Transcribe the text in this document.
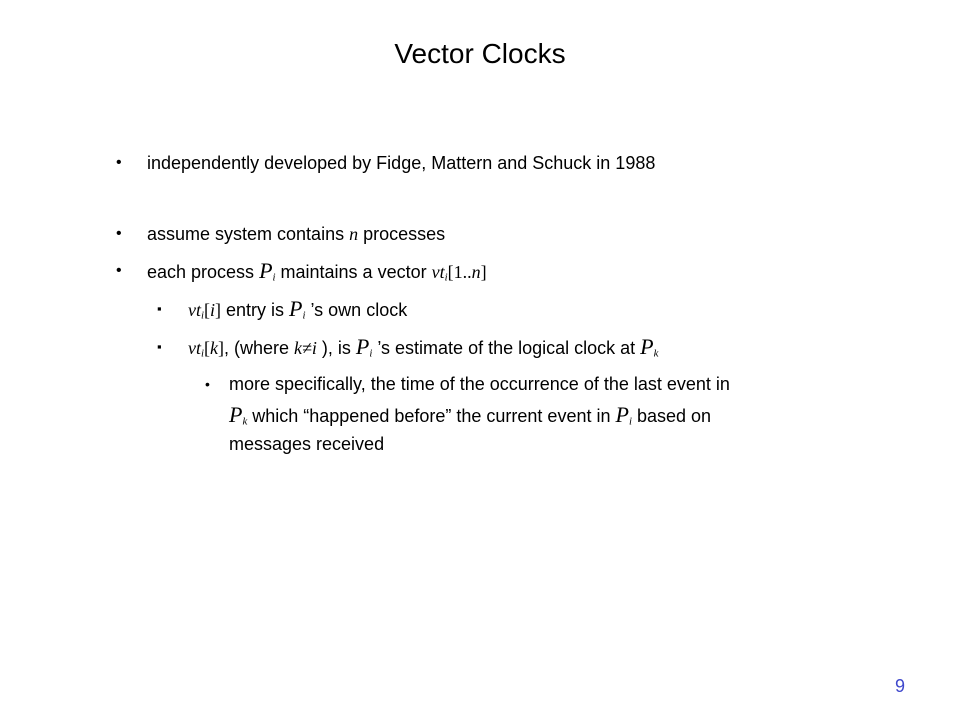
Vector Clocks
• independently developed by Fidge, Mattern and Schuck in 1988
• assume system contains n processes
• each process $P_i$ maintains a vector $vt_i[1..n]$
▪ $vt_i[i]$ entry is $P_i$ ’s own clock
▪ $vt_i[k]$, (where k≠i ), is $P_i$ ’s estimate of the logical clock at $P_k$
• more specifically, the time of the occurrence of the last event in
$P_k$ which “happened before” the current event in $P_i$ based on
messages received
9
